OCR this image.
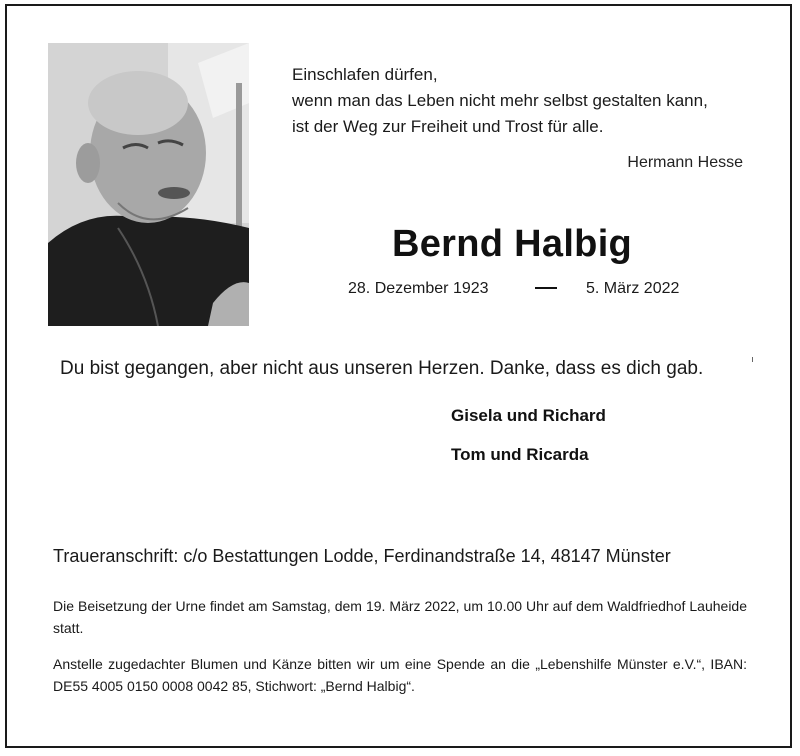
Einschlafen dürfen,
wenn man das Leben nicht mehr selbst gestalten kann,
ist der Weg zur Freiheit und Trost für alle.
Hermann Hesse
Bernd Halbig
28. Dezember 1923	5. März 2022
Du bist gegangen, aber nicht aus unseren Herzen. Danke, dass es dich gab.
Gisela und Richard
Tom und Ricarda
Traueranschrift: c/o Bestattungen Lodde, Ferdinandstraße 14, 48147 Münster
Die Beisetzung der Urne findet am Samstag, dem 19. März 2022, um 10.00 Uhr auf dem Waldfriedhof Lauheide statt.
Anstelle zugedachter Blumen und Känze bitten wir um eine Spende an die „Lebenshilfe Münster e.V.“, IBAN: DE55 4005 0150 0008 0042 85, Stichwort: „Bernd Halbig“.
